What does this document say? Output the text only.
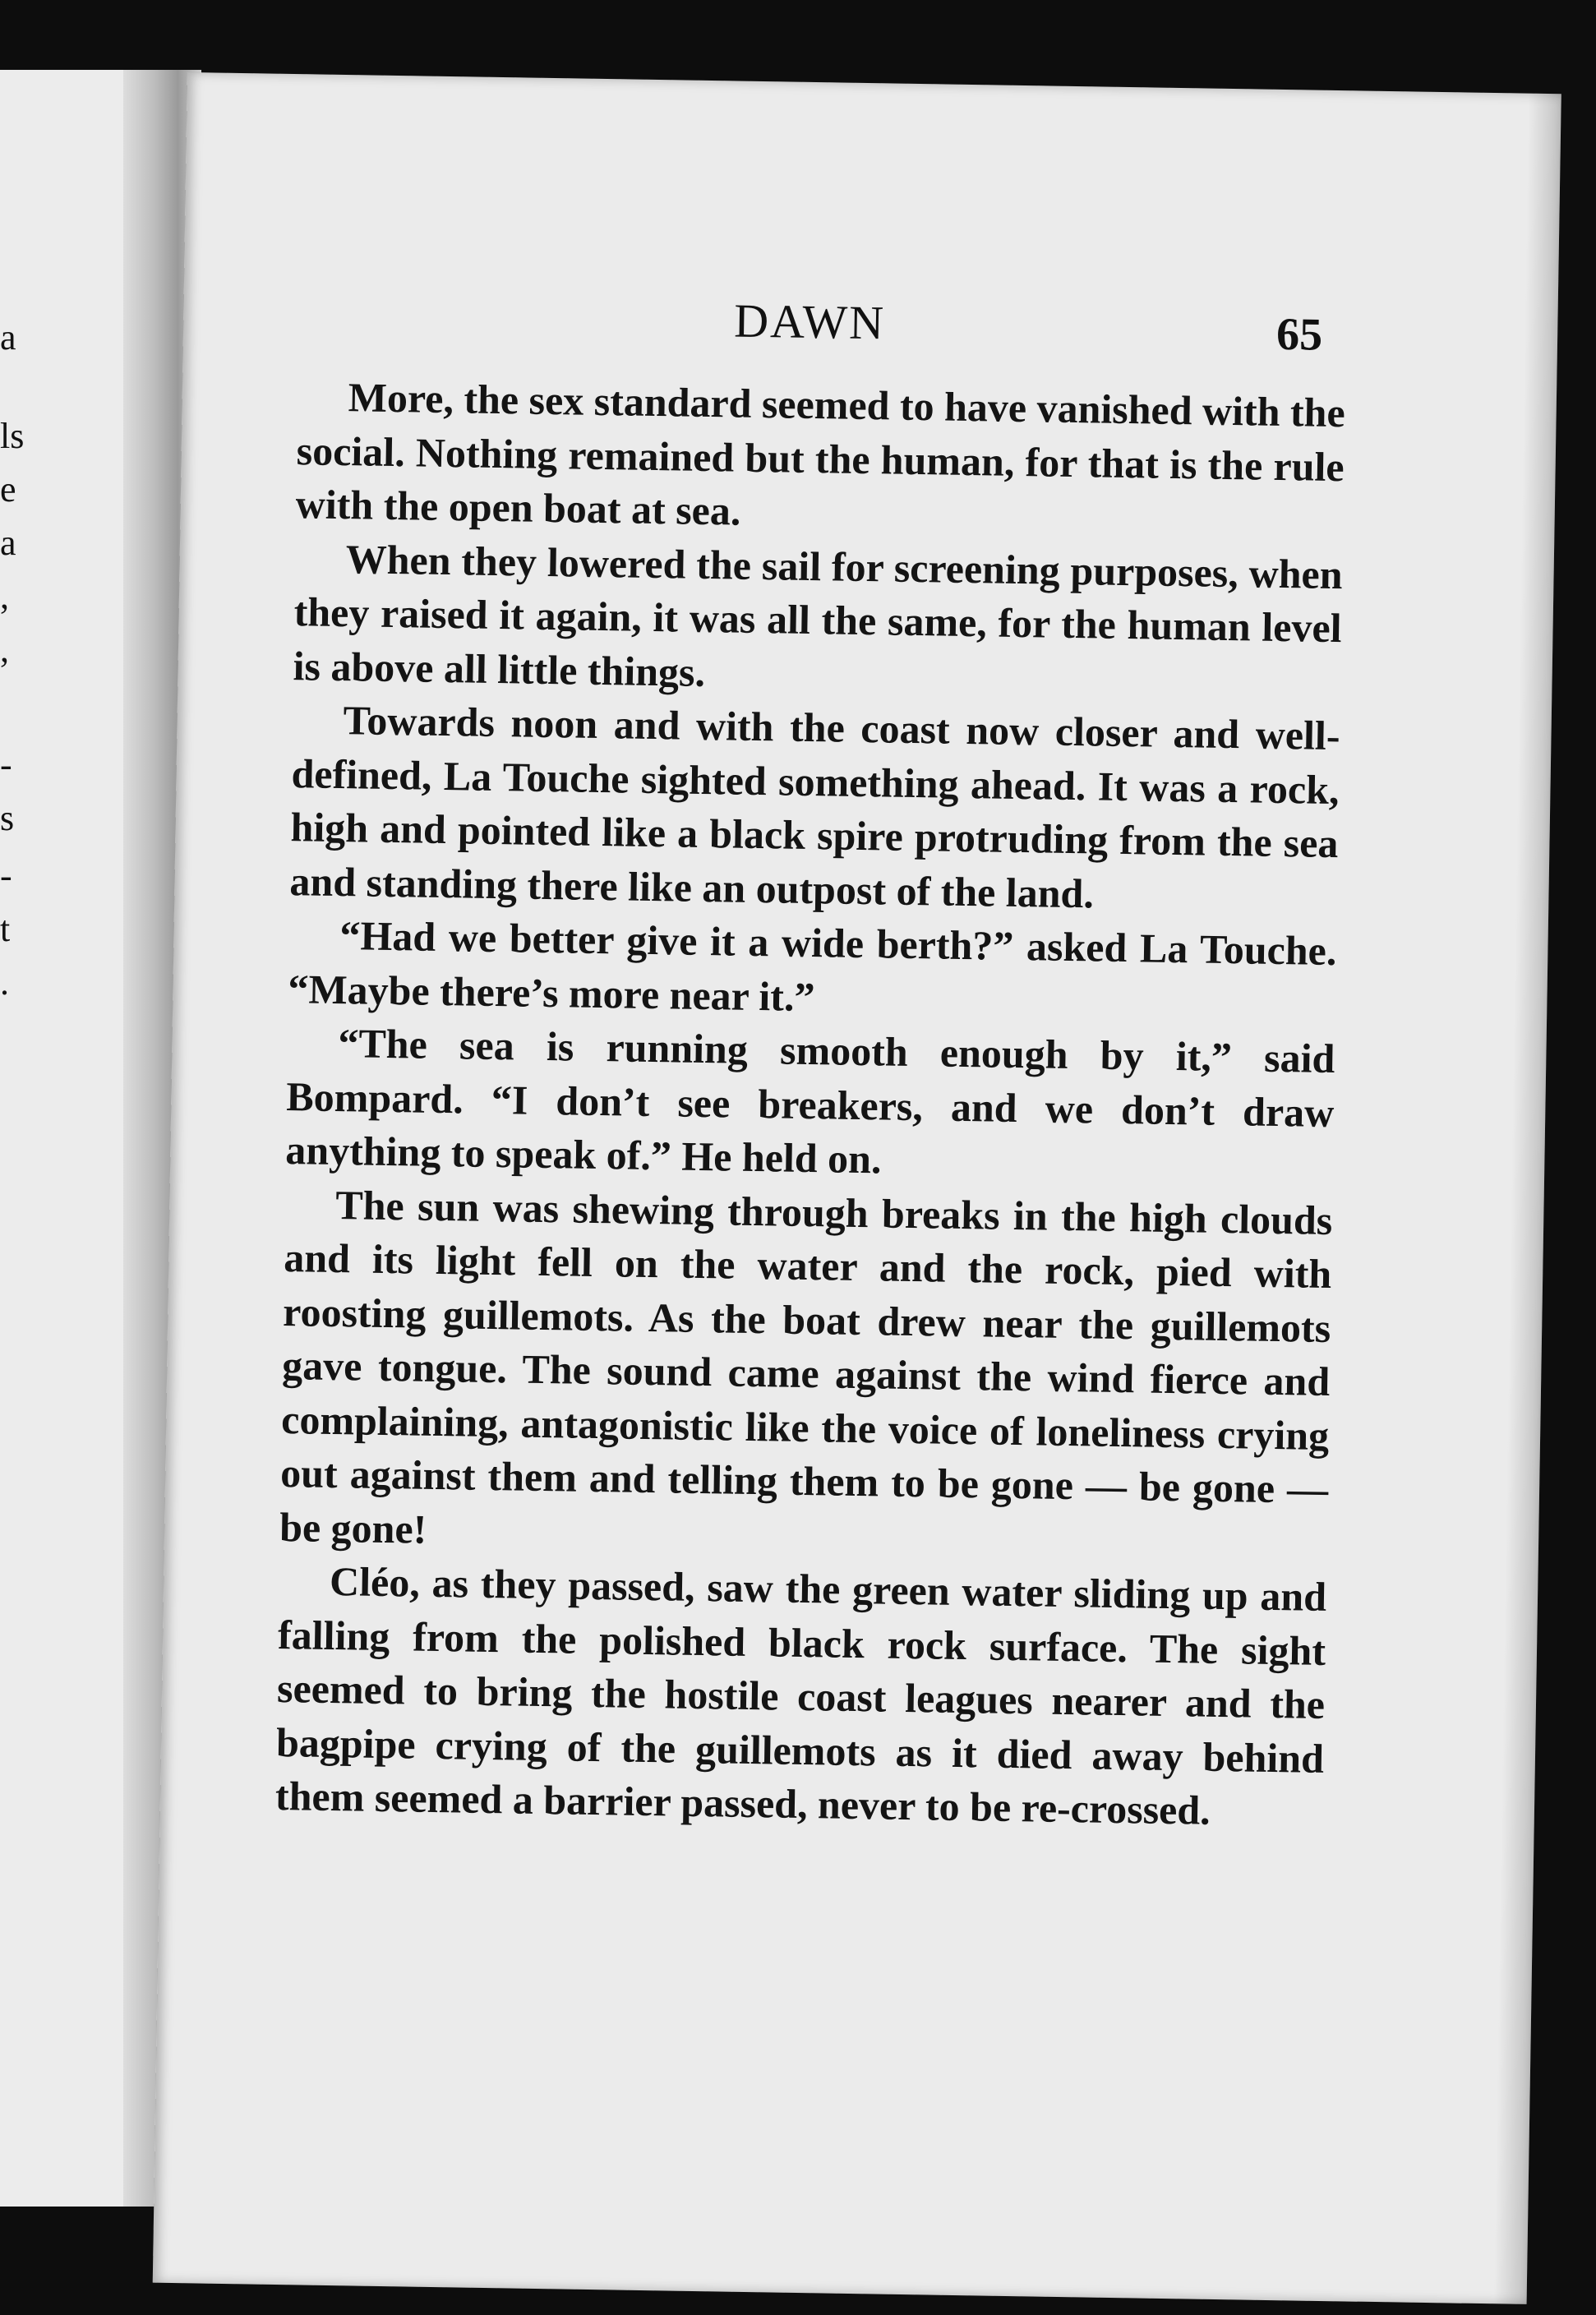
a
ls
e
a
,
,
-
s
-
t
.
DAWN	65

More, the sex standard seemed to have vanished with the social. Nothing remained but the human, for that is the rule with the open boat at sea.

When they lowered the sail for screening purposes, when they raised it again, it was all the same, for the human level is above all little things.

Towards noon and with the coast now closer and well-defined, La Touche sighted something ahead. It was a rock, high and pointed like a black spire protruding from the sea and standing there like an outpost of the land.

“Had we better give it a wide berth?” asked La Touche. “Maybe there’s more near it.”

“The sea is running smooth enough by it,” said Bompard. “I don’t see breakers, and we don’t draw anything to speak of.” He held on.

The sun was shewing through breaks in the high clouds and its light fell on the water and the rock, pied with roosting guillemots. As the boat drew near the guillemots gave tongue. The sound came against the wind fierce and complaining, antagonistic like the voice of loneliness crying out against them and telling them to be gone — be gone — be gone!

Cléo, as they passed, saw the green water sliding up and falling from the polished black rock surface. The sight seemed to bring the hostile coast leagues nearer and the bagpipe crying of the guillemots as it died away behind them seemed a barrier passed, never to be re-crossed.
